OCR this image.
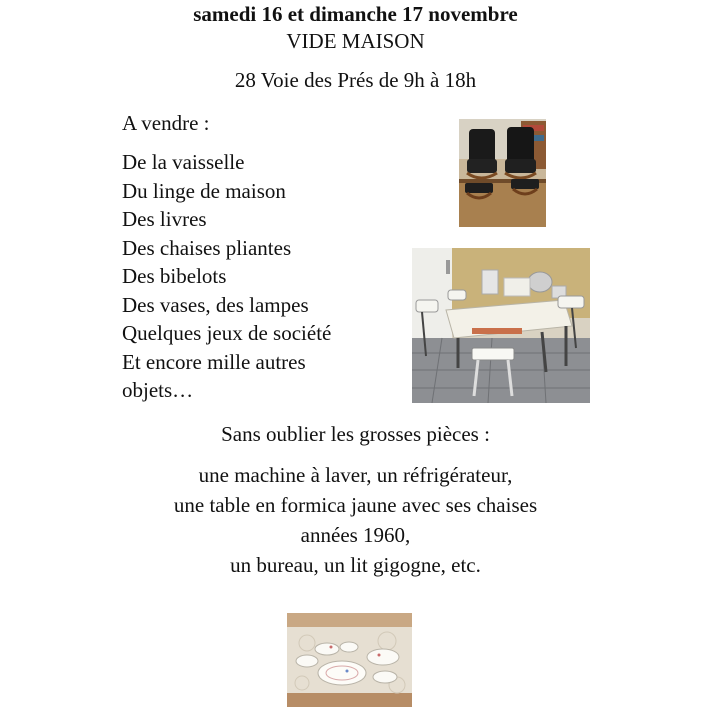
samedi 16 et dimanche 17 novembre
VIDE MAISON
28 Voie des Prés de 9h à 18h
A vendre :
De la vaisselle
Du linge de maison
Des livres
Des chaises pliantes
Des bibelots
Des vases, des lampes
Quelques jeux de société
Et encore mille autres
objets…
Sans oublier les grosses pièces :
une machine à laver, un réfrigérateur,
une table en formica jaune avec ses chaises
années 1960,
un bureau, un lit gigogne, etc.
